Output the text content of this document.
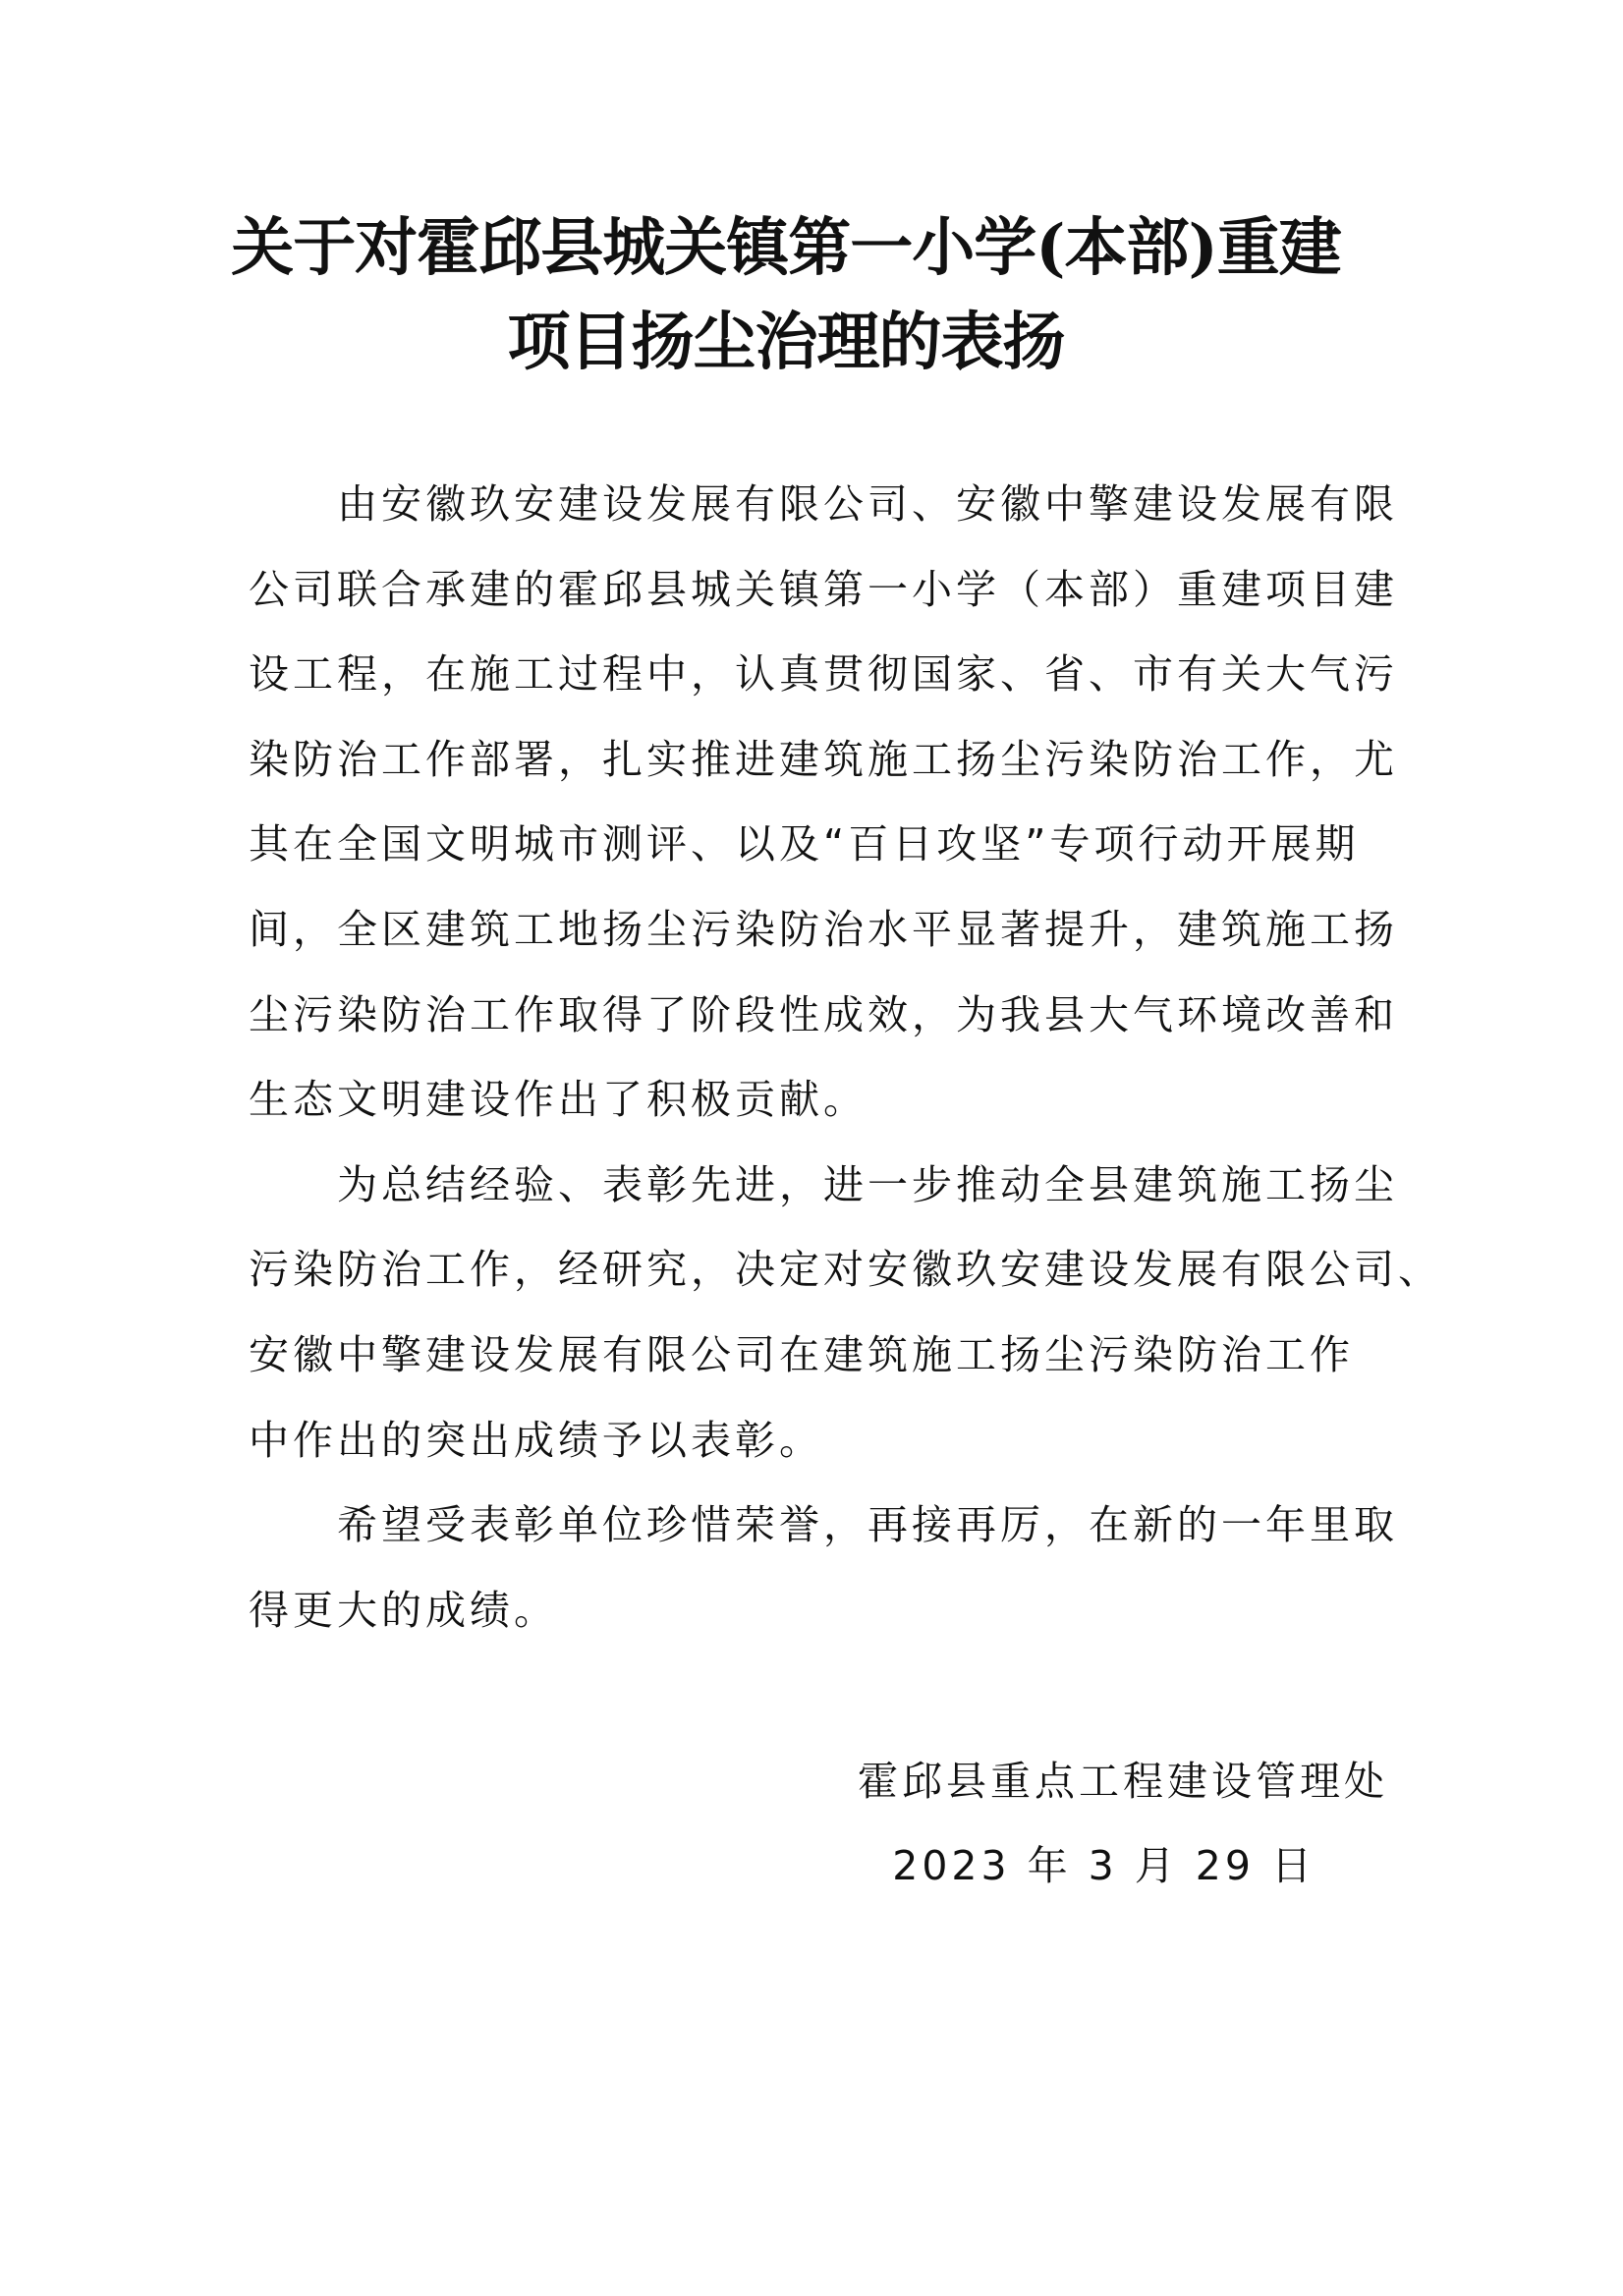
关于对霍邱县城关镇第一小学(本部)重建
项目扬尘治理的表扬
由安徽玖安建设发展有限公司、安徽中擎建设发展有限
公司联合承建的霍邱县城关镇第一小学（本部）重建项目建
设工程，在施工过程中，认真贯彻国家、省、市有关大气污
染防治工作部署，扎实推进建筑施工扬尘污染防治工作，尤
其在全国文明城市测评、以及“百日攻坚”专项行动开展期
间，全区建筑工地扬尘污染防治水平显著提升，建筑施工扬
尘污染防治工作取得了阶段性成效，为我县大气环境改善和
生态文明建设作出了积极贡献。
为总结经验、表彰先进，进一步推动全县建筑施工扬尘
污染防治工作，经研究，决定对安徽玖安建设发展有限公司、
安徽中擎建设发展有限公司在建筑施工扬尘污染防治工作
中作出的突出成绩予以表彰。
希望受表彰单位珍惜荣誉，再接再厉，在新的一年里取
得更大的成绩。
霍邱县重点工程建设管理处
2023 年 3 月 29 日
